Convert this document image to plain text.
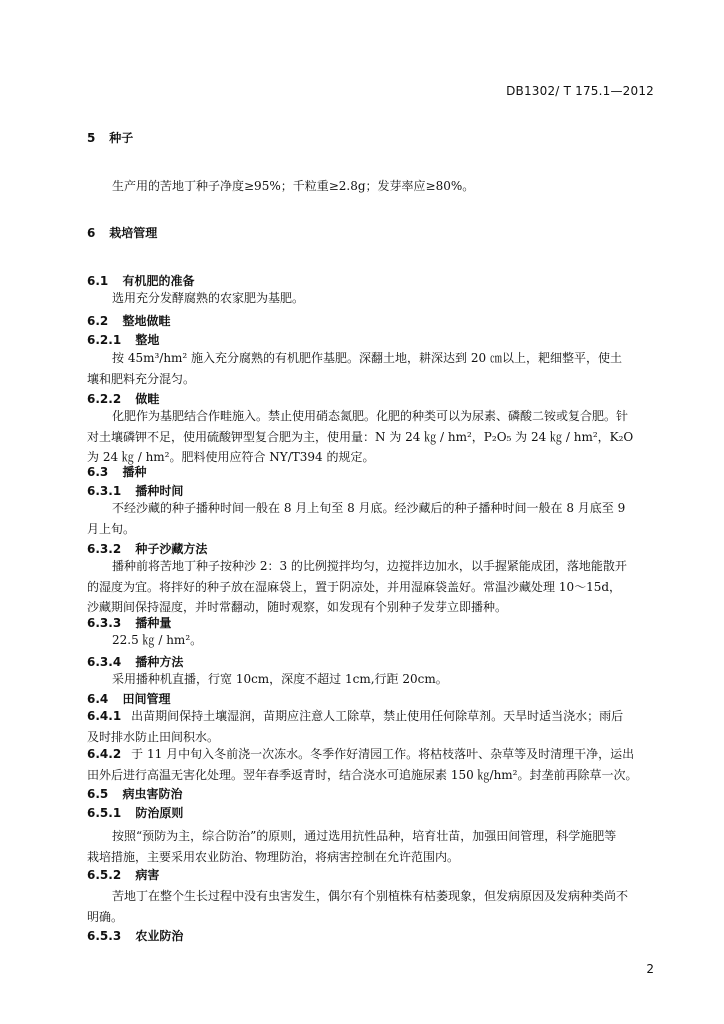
DB1302/ T 175.1—2012
5 种子
生产用的苦地丁种子净度≥95%；千粒重≥2.8g；发芽率应≥80%。
6 栽培管理
6.1 有机肥的准备
选用充分发酵腐熟的农家肥为基肥。
6.2 整地做畦
6.2.1 整地
按 45m³/hm² 施入充分腐熟的有机肥作基肥。深翻土地，耕深达到 20 ㎝以上，耙细整平，使土
壤和肥料充分混匀。
6.2.2 做畦
化肥作为基肥结合作畦施入。禁止使用硝态氮肥。化肥的种类可以为尿素、磷酸二铵或复合肥。针
对土壤磷钾不足，使用硫酸钾型复合肥为主，使用量：N 为 24 ㎏ / hm²，P₂O₅ 为 24 ㎏ / hm²，K₂O
为 24 ㎏ / hm²。肥料使用应符合 NY/T394 的规定。
6.3 播种
6.3.1 播种时间
不经沙藏的种子播种时间一般在 8 月上旬至 8 月底。经沙藏后的种子播种时间一般在 8 月底至 9
月上旬。
6.3.2 种子沙藏方法
播种前将苦地丁种子按种沙 2：3 的比例搅拌均匀，边搅拌边加水，以手握紧能成团，落地能散开
的湿度为宜。将拌好的种子放在湿麻袋上，置于阴凉处，并用湿麻袋盖好。常温沙藏处理 10～15d，
沙藏期间保持湿度，并时常翻动，随时观察，如发现有个别种子发芽立即播种。
6.3.3 播种量
22.5 ㎏ / hm²。
6.3.4 播种方法
采用播种机直播，行宽 10cm，深度不超过 1cm,行距 20cm。
6.4 田间管理
6.4.1 出苗期间保持土壤湿润，苗期应注意人工除草，禁止使用任何除草剂。天旱时适当浇水；雨后
及时排水防止田间积水。
6.4.2 于 11 月中旬入冬前浇一次冻水。冬季作好清园工作。将枯枝落叶、杂草等及时清理干净，运出
田外后进行高温无害化处理。翌年春季返青时，结合浇水可追施尿素 150 ㎏/hm²。封垄前再除草一次。
6.5 病虫害防治
6.5.1 防治原则
按照“预防为主，综合防治”的原则，通过选用抗性品种，培育壮苗，加强田间管理，科学施肥等
栽培措施，主要采用农业防治、物理防治，将病害控制在允许范围内。
6.5.2 病害
苦地丁在整个生长过程中没有虫害发生，偶尔有个别植株有枯萎现象，但发病原因及发病种类尚不
明确。
6.5.3 农业防治
2
